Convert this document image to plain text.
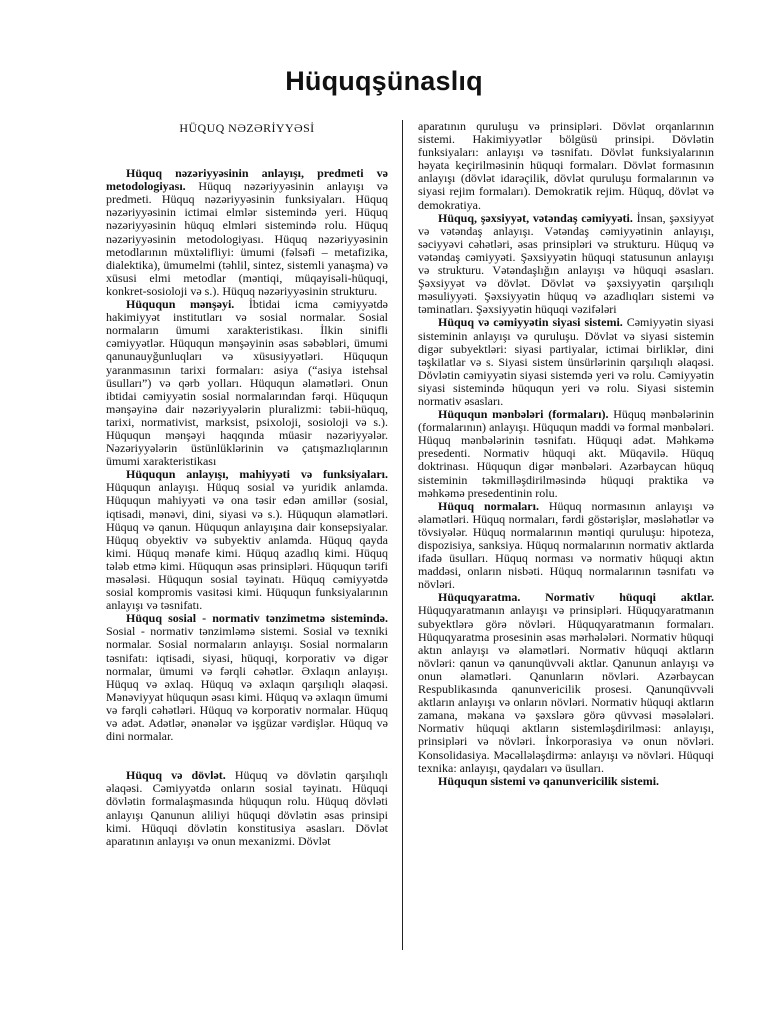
Hüquqşünaslıq
HÜQUQ NƏZƏRİYYƏSİ

Hüquq nəzəriyyəsinin anlayışı, predmeti və metodologiyası. Hüquq nəzəriyyəsinin anlayışı və predmeti. Hüquq nəzəriyyəsinin funksiyaları. Hüquq nəzəriyyəsinin ictimai elmlər sistemində yeri. Hüquq nəzəriyyəsinin hüquq elmləri sistemində rolu. Hüquq nəzəriyyəsinin metodologiyası. Hüquq nəzəriyyəsinin metodlarının müxtəlifliyi: ümumi (fəlsəfi – metafizika, dialektika), ümumelmi (təhlil, sintez, sistemli yanaşma) və xüsusi elmi metodlar (məntiqi, müqayisəli-hüquqi, konkret-sosioloji və s.). Hüquq nəzəriyyəsinin strukturu.

Hüququn mənşəyi. İbtidai icma cəmiyyətdə hakimiyyət institutları və sosial normalar. Sosial normaların ümumi xarakteristikası. İlkin sinifli cəmiyyətlər. Hüququn mənşəyinin əsas səbəbləri, ümumi qanunauyğunluqları və xüsusiyyətləri. Hüququn yaranmasının tarixi formaları: asiya (“asiya istehsal üsulları”) və qərb yolları. Hüququn əlamətləri. Onun ibtidai cəmiyyətin sosial normalarından fərqi. Hüququn mənşəyinə dair nəzəriyyələrin pluralizmi: təbii-hüquq, tarixi, normativist, marksist, psixoloji, sosioloji və s.). Hüququn mənşəyi haqqında müasir nəzəriyyələr. Nəzəriyyələrin üstünlüklərinin və çatışmazlıqlarının ümumi xarakteristikası

Hüququn anlayışı, mahiyyəti və funksiyaları. Hüququn anlayışı. Hüquq sosial və yuridik anlamda. Hüququn mahiyyəti və ona təsir edən amillər (sosial, iqtisadi, mənəvi, dini, siyasi və s.). Hüququn əlamətləri. Hüquq və qanun. Hüququn anlayışına dair konsepsiyalar. Hüquq obyektiv və subyektiv anlamda. Hüquq qayda kimi. Hüquq mənafe kimi. Hüquq azadlıq kimi. Hüquq tələb etmə kimi. Hüququn əsas prinsipləri. Hüququn tərifi məsələsi. Hüququn sosial təyinatı. Hüquq cəmiyyətdə sosial kompromis vasitəsi kimi. Hüququn funksiyalarının anlayışı və təsnifatı.

Hüquq sosial - normativ tənzimetmə sistemində. Sosial - normativ tənzimləmə sistemi. Sosial və texniki normalar. Sosial normaların anlayışı. Sosial normaların təsnifatı: iqtisadi, siyasi, hüquqi, korporativ və digər normalar, ümumi və fərqli cəhətlər. Əxlaqın anlayışı. Hüquq və əxlaq. Hüquq və əxlaqın qarşılıqlı əlaqəsi. Mənəviyyat hüququn əsası kimi. Hüquq və əxlaqın ümumi və fərqli cəhətləri. Hüquq və korporativ normalar. Hüquq və adət. Adətlər, ənənələr və işgüzar vərdişlər. Hüquq və dini normalar.

Hüquq və dövlət. Hüquq və dövlətin qarşılıqlı əlaqəsi. Cəmiyyətdə onların sosial təyinatı. Hüquqi dövlətin formalaşmasında hüququn rolu. Hüquq dövləti anlayışı Qanunun aliliyi hüquqi dövlətin əsas prinsipi kimi. Hüquqi dövlətin konstitusiya əsasları. Dövlət aparatının anlayışı və onun mexanizmi. Dövlət

aparatının quruluşu və prinsipləri. Dövlət orqanlarının sistemi. Hakimiyyətlər bölgüsü prinsipi. Dövlətin funksiyaları: anlayışı və təsnifatı. Dövlət funksiyalarının həyata keçirilməsinin hüquqi formaları. Dövlət formasının anlayışı (dövlət idarəçilik, dövlət quruluşu formalarının və siyasi rejim formaları). Demokratik rejim. Hüquq, dövlət və demokratiya.

Hüquq, şəxsiyyət, vətəndaş cəmiyyəti. İnsan, şəxsiyyət və vətəndaş anlayışı. Vətəndaş cəmiyyətinin anlayışı, səciyyəvi cəhətləri, əsas prinsipləri və strukturu. Hüquq və vətəndaş cəmiyyəti. Şəxsiyyətin hüquqi statusunun anlayışı və strukturu. Vətəndaşlığın anlayışı və hüquqi əsasları. Şəxsiyyət və dövlət. Dövlət və şəxsiyyətin qarşılıqlı məsuliyyəti. Şəxsiyyətin hüquq və azadlıqları sistemi və təminatları. Şəxsiyyətin hüquqi vəzifələri

Hüquq və cəmiyyətin siyasi sistemi. Cəmiyyətin siyasi sisteminin anlayışı və quruluşu. Dövlət və siyasi sistemin digər subyektləri: siyasi partiyalar, ictimai birliklər, dini təşkilatlar və s. Siyasi sistem ünsürlərinin qarşılıqlı əlaqəsi. Dövlətin cəmiyyətin siyasi sistemdə yeri və rolu. Cəmiyyətin siyasi sistemində hüququn yeri və rolu. Siyasi sistemin normativ əsasları.

Hüququn mənbələri (formaları). Hüquq mənbələrinin (formalarının) anlayışı. Hüququn maddi və formal mənbələri. Hüquq mənbələrinin təsnifatı. Hüquqi adət. Məhkəmə presedenti. Normativ hüquqi akt. Müqavilə. Hüquq doktrinası. Hüququn digər mənbələri. Azərbaycan hüquq sisteminin təkmilləşdirilməsində hüquqi praktika və məhkəmə presedentinin rolu.

Hüquq normaları. Hüquq normasının anlayışı və əlamətləri. Hüquq normaları, fərdi göstərişlər, məsləhətlər və tövsiyələr. Hüquq normalarının məntiqi quruluşu: hipoteza, dispozisiya, sanksiya. Hüquq normalarının normativ aktlarda ifadə üsulları. Hüquq norması və normativ hüquqi aktın maddəsi, onların nisbəti. Hüquq normalarının təsnifatı və növləri.

Hüquqyaratma. Normativ hüquqi aktlar. Hüquqyaratmanın anlayışı və prinsipləri. Hüquqyaratmanın subyektlərə görə növləri. Hüquqyaratmanın formaları. Hüquqyaratma prosesinin əsas mərhələləri. Normativ hüquqi aktın anlayışı və əlamətləri. Normativ hüquqi aktların növləri: qanun və qanunqüvvəli aktlar. Qanunun anlayışı və onun əlamətləri. Qanunların növləri. Azərbaycan Respublikasında qanunvericilik prosesi. Qanunqüvvəli aktların anlayışı və onların növləri. Normativ hüquqi aktların zamana, məkana və şəxslərə görə qüvvəsi məsələləri. Normativ hüquqi aktların sistemləşdirilməsi: anlayışı, prinsipləri və növləri. İnkorporasiya və onun növləri. Konsolidasiya. Məcəllələşdirmə: anlayışı və növləri. Hüquqi texnika: anlayışı, qaydaları və üsulları.

Hüququn sistemi və qanunvericilik sistemi.
